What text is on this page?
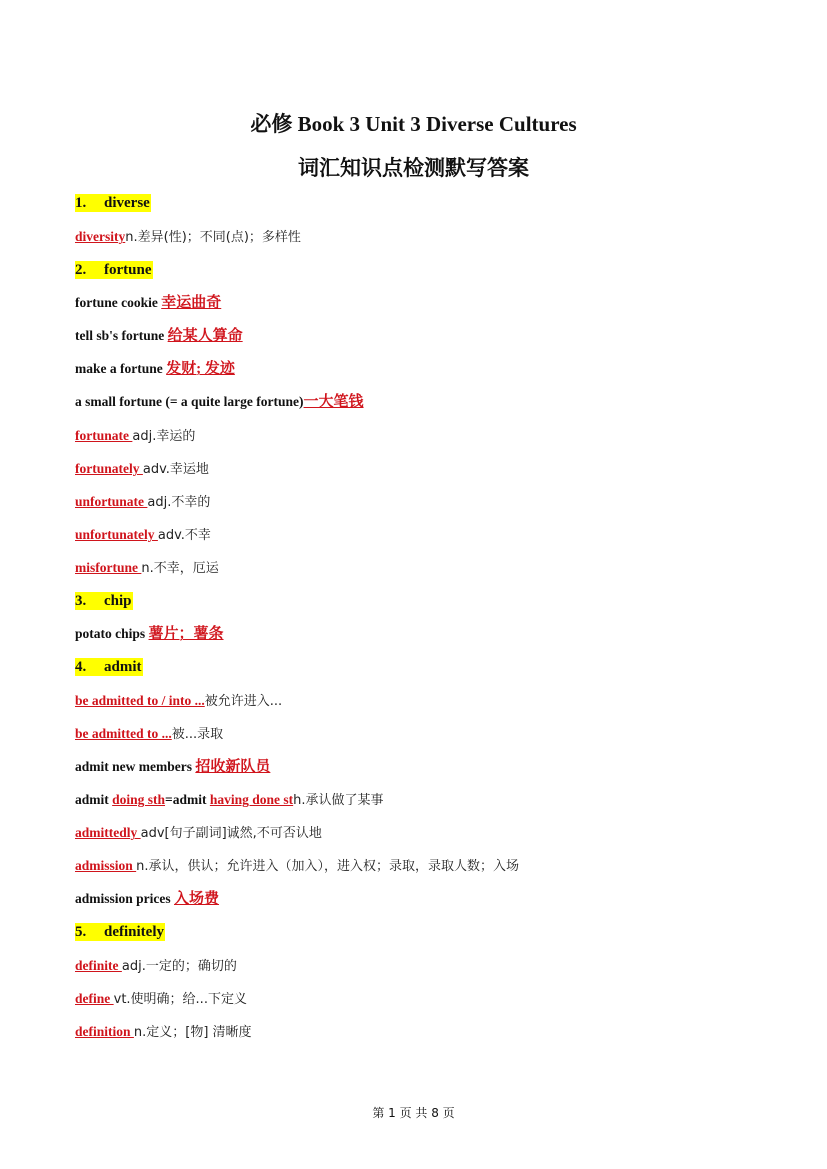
必修 Book 3 Unit 3 Diverse Cultures
词汇知识点检测默写答案
1. diverse
diversityn.差异(性)；不同(点)；多样性
2. fortune
fortune cookie 幸运曲奇
tell sb's fortune 给某人算命
make a fortune 发财; 发迹
a small fortune (= a quite large fortune)一大笔钱
fortunate adj.幸运的
fortunately adv.幸运地
unfortunate adj.不幸的
unfortunately adv.不幸
misfortune n.不幸，厄运
3. chip
potato chips 薯片；薯条
4. admit
be admitted to / into ...被允许进入...
be admitted to ...被...录取
admit new members 招收新队员
admit doing sth=admit having done sth.承认做了某事
admittedly adv[句子副词]诚然,不可否认地
admission n.承认，供认；允许进入（加入），进入权；录取，录取人数；入场
admission prices 入场费
5. definitely
definite adj.一定的；确切的
define vt.使明确；给...下定义
definition n.定义；[物] 清晰度
第 1 页 共 8 页
